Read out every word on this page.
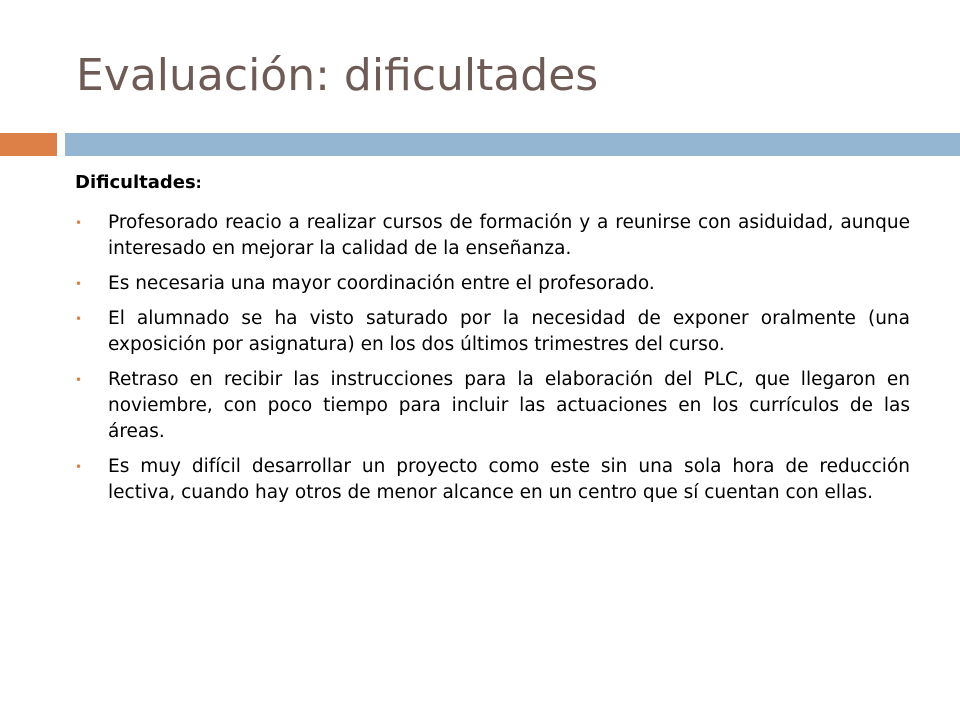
Evaluación: dificultades

Dificultades:

• Profesorado reacio a realizar cursos de formación y a reunirse con asiduidad, aunque interesado en mejorar la calidad de la enseñanza.
• Es necesaria una mayor coordinación entre el profesorado.
• El alumnado se ha visto saturado por la necesidad de exponer oralmente (una exposición por asignatura) en los dos últimos trimestres del curso.
• Retraso en recibir las instrucciones para la elaboración del PLC, que llegaron en noviembre, con poco tiempo para incluir las actuaciones en los currículos de las áreas.
• Es muy difícil desarrollar un proyecto como este sin una sola hora de reducción lectiva, cuando hay otros de menor alcance en un centro que sí cuentan con ellas.
